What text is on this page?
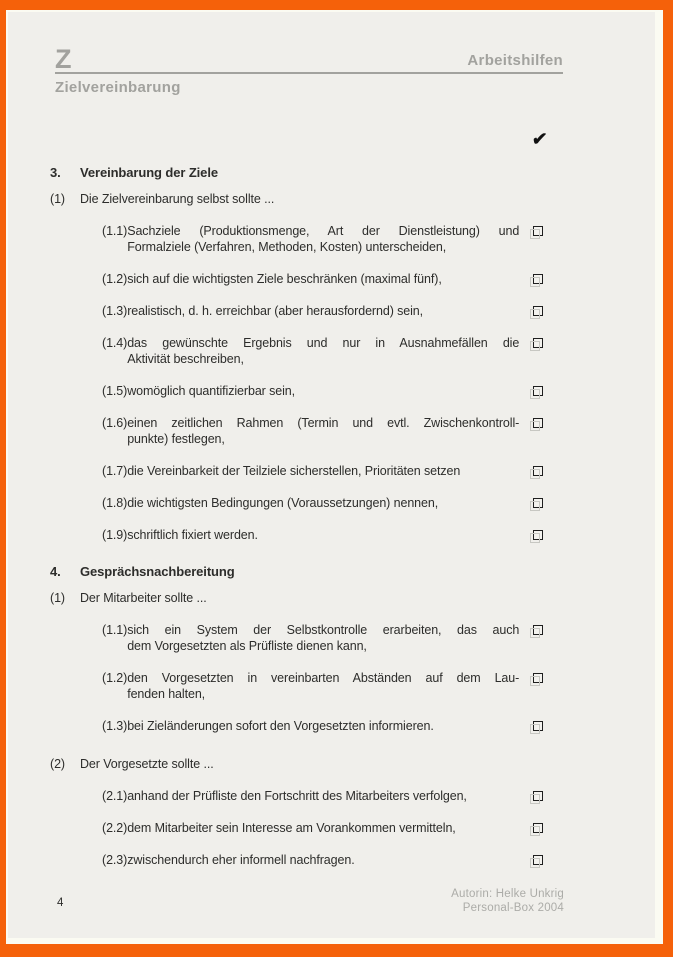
Z	Arbeitshilfen
Zielvereinbarung
✔
3.	Vereinbarung der Ziele
(1)	Die Zielvereinbarung selbst sollte ...
(1.1) Sachziele (Produktionsmenge, Art der Dienstleistung) und
Formalziele (Verfahren, Methoden, Kosten) unterscheiden,
(1.2) sich auf die wichtigsten Ziele beschränken (maximal fünf),
(1.3) realistisch, d. h. erreichbar (aber herausfordernd) sein,
(1.4) das gewünschte Ergebnis und nur in Ausnahmefällen die
Aktivität beschreiben,
(1.5) womöglich quantifizierbar sein,
(1.6) einen zeitlichen Rahmen (Termin und evtl. Zwischenkontroll-
punkte) festlegen,
(1.7) die Vereinbarkeit der Teilziele sicherstellen, Prioritäten setzen
(1.8) die wichtigsten Bedingungen (Voraussetzungen) nennen,
(1.9) schriftlich fixiert werden.
4.	Gesprächsnachbereitung
(1)	Der Mitarbeiter sollte ...
(1.1) sich ein System der Selbstkontrolle erarbeiten, das auch
dem Vorgesetzten als Prüfliste dienen kann,
(1.2) den Vorgesetzten in vereinbarten Abständen auf dem Lau-
fenden halten,
(1.3) bei Zieländerungen sofort den Vorgesetzten informieren.
(2)	Der Vorgesetzte sollte ...
(2.1) anhand der Prüfliste den Fortschritt des Mitarbeiters verfolgen,
(2.2) dem Mitarbeiter sein Interesse am Vorankommen vermitteln,
(2.3) zwischendurch eher informell nachfragen.
Autorin: Helke Unkrig
Personal-Box 2004
4
